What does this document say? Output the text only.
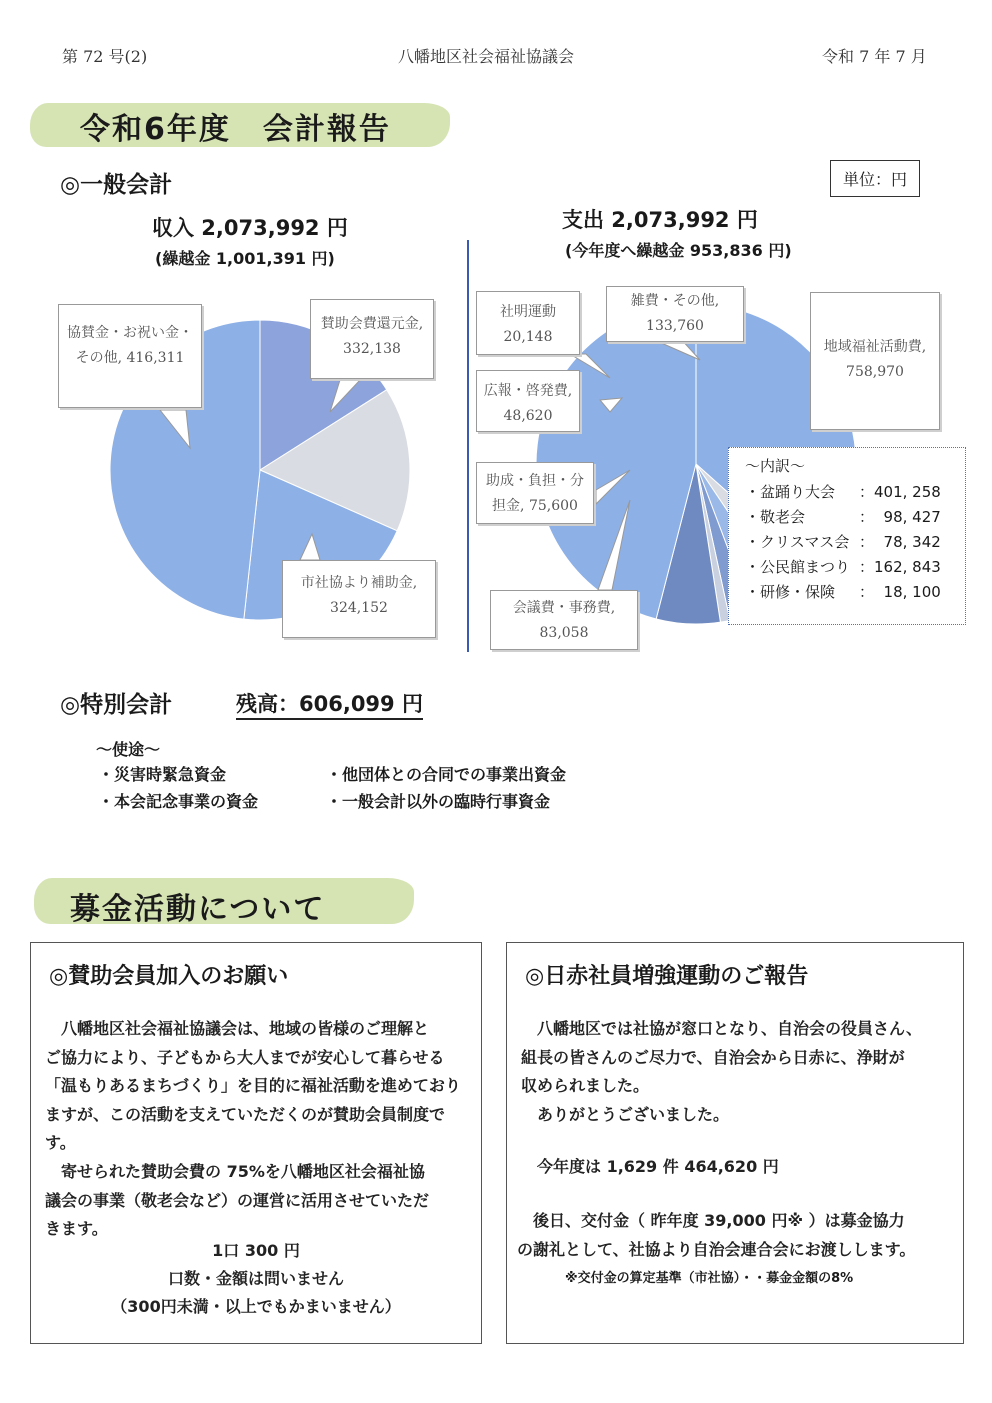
第 72 号(2)	八幡地区社会福祉協議会	令和 7 年 7 月
令和6年度　会計報告
◎一般会計	単位：円
収入 2,073,992 円
(繰越金 1,001,391 円)
支出 2,073,992 円
(今年度へ繰越金 953,836 円)
協賛金・お祝い金・
その他, 416,311
賛助会費還元金,
332,138
市社協より補助金,
324,152
社明運動
20,148
雑費・その他,
133,760
地域福祉活動費,
758,970
広報・啓発費,
48,620
助成・負担・分
担金, 75,600
会議費・事務費,
83,058
～内訳～
・盆踊り大会 ：401, 258
・敬老会	：  98, 427
・クリスマス会 ：  78, 342
・公民館まつり ：162, 843
・研修・保険 ：  18, 100
◎特別会計	残高：606,099 円
～使途～
・災害時緊急資金
・本会記念事業の資金
・他団体との合同での事業出資金
・一般会計以外の臨時行事資金
募金活動について
◎賛助会員加入のお願い
　八幡地区社会福祉協議会は、地域の皆様のご理解と
ご協力により、子どもから大人までが安心して暮らせる
「温もりあるまちづくり」を目的に福祉活動を進めており
ますが、この活動を支えていただくのが賛助会員制度で
す。
　寄せられた賛助会費の 75%を八幡地区社会福祉協
議会の事業（敬老会など）の運営に活用させていただ
きます。
1口 300 円
口数・金額は問いません
（300円未満・以上でもかまいません）
◎日赤社員増強運動のご報告
　八幡地区では社協が窓口となり、自治会の役員さん、
組長の皆さんのご尽力で、自治会から日赤に、浄財が
収められました。
　ありがとうございました。
今年度は 1,629 件 464,620 円
　後日、交付金（ 昨年度 39,000 円※ ）は募金協力
の謝礼として、社協より自治会連合会にお渡しします。
※交付金の算定基準（市社協）・・募金金額の8%
